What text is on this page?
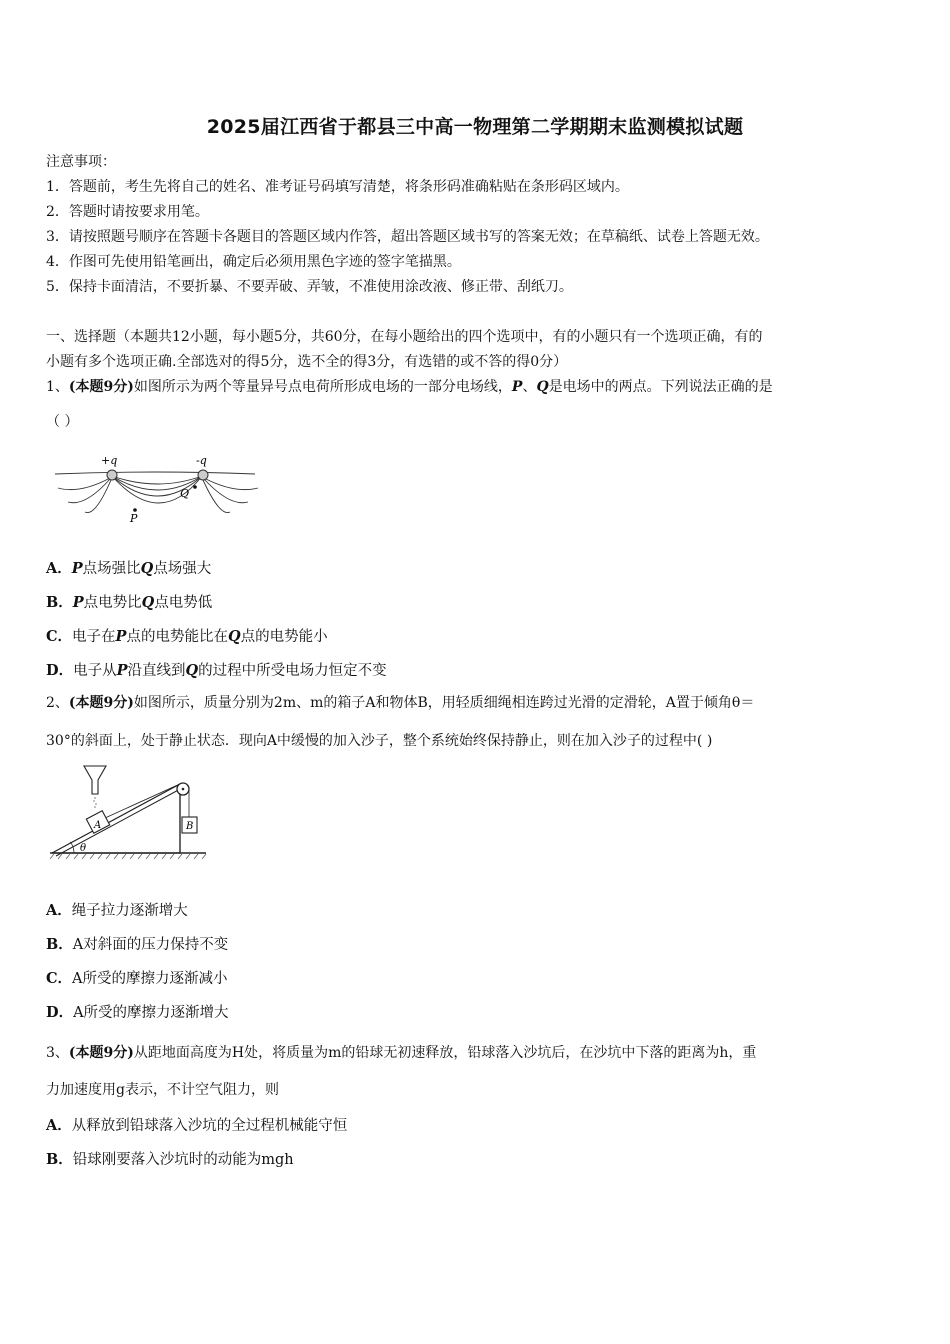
2025届江西省于都县三中高一物理第二学期期末监测模拟试题
注意事项：
1．答题前，考生先将自己的姓名、准考证号码填写清楚，将条形码准确粘贴在条形码区域内。
2．答题时请按要求用笔。
3．请按照题号顺序在答题卡各题目的答题区域内作答，超出答题区域书写的答案无效；在草稿纸、试卷上答题无效。
4．作图可先使用铅笔画出，确定后必须用黑色字迹的签字笔描黑。
5．保持卡面清洁，不要折暴、不要弄破、弄皱，不准使用涂改液、修正带、刮纸刀。
一、选择题（本题共12小题，每小题5分，共60分，在每小题给出的四个选项中，有的小题只有一个选项正确，有的
小题有多个选项正确.全部选对的得5分，选不全的得3分，有选错的或不答的得0分）
1、(本题9分)如图所示为两个等量异号点电荷所形成电场的一部分电场线，P、Q是电场中的两点。下列说法正确的是
（ ）
+q	-q
Q
P
A．P点场强比Q点场强大
B．P点电势比Q点电势低
C．电子在P点的电势能比在Q点的电势能小
D．电子从P沿直线到Q的过程中所受电场力恒定不变
2、(本题9分)如图所示，质量分别为2m、m的箱子A和物体B，用轻质细绳相连跨过光滑的定滑轮，A置于倾角θ＝
30°的斜面上，处于静止状态．现向A中缓慢的加入沙子，整个系统始终保持静止，则在加入沙子的过程中( )
A	B
θ
A．绳子拉力逐渐增大
B．A对斜面的压力保持不变
C．A所受的摩擦力逐渐减小
D．A所受的摩擦力逐渐增大
3、(本题9分)从距地面高度为H处，将质量为m的铅球无初速释放，铅球落入沙坑后，在沙坑中下落的距离为h，重
力加速度用g表示，不计空气阻力，则
A．从释放到铅球落入沙坑的全过程机械能守恒
B．铅球刚要落入沙坑时的动能为mgh
